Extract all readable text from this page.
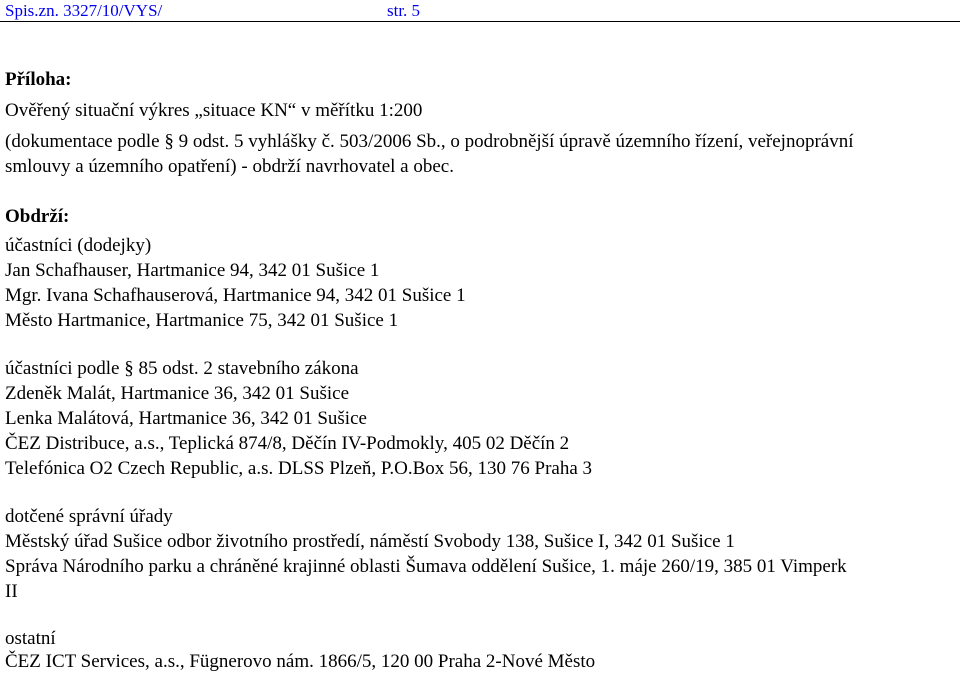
Spis.zn. 3327/10/VYS/	str. 5
Příloha:
Ověřený situační výkres „situace KN“ v měřítku 1:200
(dokumentace podle § 9 odst. 5 vyhlášky č. 503/2006 Sb., o podrobnější úpravě územního řízení, veřejnoprávní
smlouvy a územního opatření) - obdrží navrhovatel a obec.
Obdrží:
účastníci (dodejky)
Jan Schafhauser, Hartmanice 94, 342 01 Sušice 1
Mgr. Ivana Schafhauserová, Hartmanice 94, 342 01 Sušice 1
Město Hartmanice, Hartmanice 75, 342 01 Sušice 1
účastníci podle § 85 odst. 2 stavebního zákona
Zdeněk Malát, Hartmanice 36, 342 01 Sušice
Lenka Malátová, Hartmanice 36, 342 01 Sušice
ČEZ Distribuce, a.s., Teplická 874/8, Děčín IV-Podmokly, 405 02 Děčín 2
Telefónica O2 Czech Republic, a.s. DLSS Plzeň, P.O.Box 56, 130 76 Praha 3
dotčené správní úřady
Městský úřad Sušice odbor životního prostředí, náměstí Svobody 138, Sušice I, 342 01 Sušice 1
Správa Národního parku a chráněné krajinné oblasti Šumava oddělení Sušice, 1. máje 260/19, 385 01 Vimperk
II
ostatní
ČEZ ICT Services, a.s., Fügnerovo nám. 1866/5, 120 00 Praha 2-Nové Město
